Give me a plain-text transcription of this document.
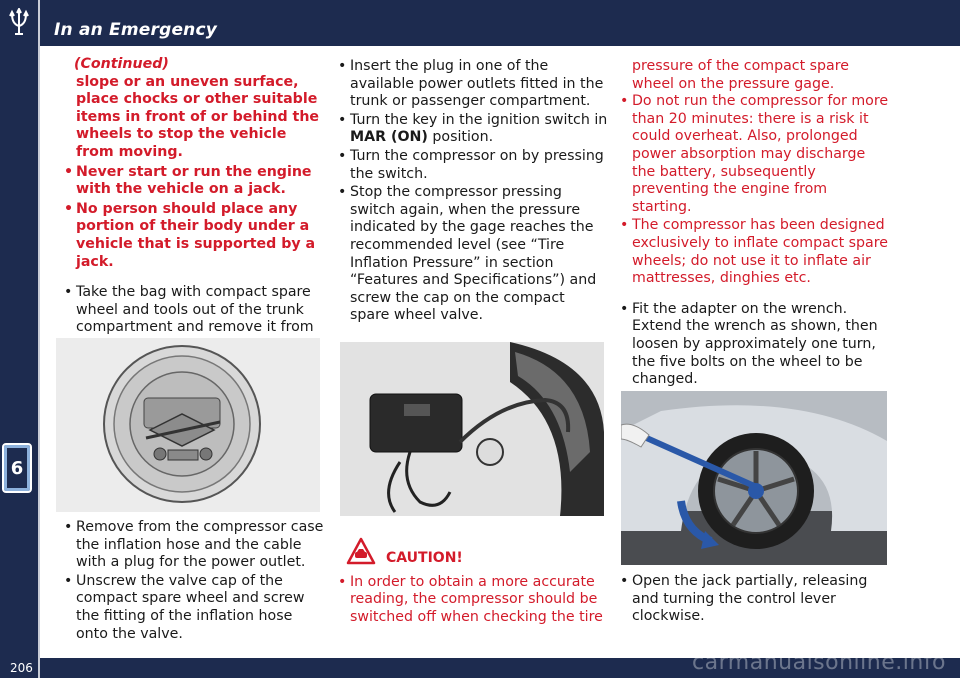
In an Emergency
6
(Continued)
slope or an uneven surface, place chocks or other suitable items in front of or behind the wheels to stop the vehicle from moving.
• Never start or run the engine with the vehicle on a jack.
• No person should place any portion of their body under a vehicle that is supported by a jack.
• Take the bag with compact spare wheel and tools out of the trunk compartment and remove it from
• Remove from the compressor case the inflation hose and the cable with a plug for the power outlet.
• Unscrew the valve cap of the compact spare wheel and screw the fitting of the inflation hose onto the valve.
• Insert the plug in one of the available power outlets fitted in the trunk or passenger compartment.
• Turn the key in the ignition switch in MAR (ON) position.
• Turn the compressor on by pressing the switch.
• Stop the compressor pressing switch again, when the pressure indicated by the gage reaches the recommended level (see “Tire Inflation Pressure” in section “Features and Specifications”) and screw the cap on the compact spare wheel valve.
CAUTION!
• In order to obtain a more accurate reading, the compressor should be switched off when checking the tire
pressure of the compact spare wheel on the pressure gage.
• Do not run the compressor for more than 20 minutes: there is a risk it could overheat. Also, prolonged power absorption may discharge the battery, subsequently preventing the engine from starting.
• The compressor has been designed exclusively to inflate compact spare wheels; do not use it to inflate air mattresses, dinghies etc.
• Fit the adapter on the wrench. Extend the wrench as shown, then loosen by approximately one turn, the five bolts on the wheel to be changed.
• Open the jack partially, releasing and turning the control lever clockwise.
206	carmanualsonline.info
